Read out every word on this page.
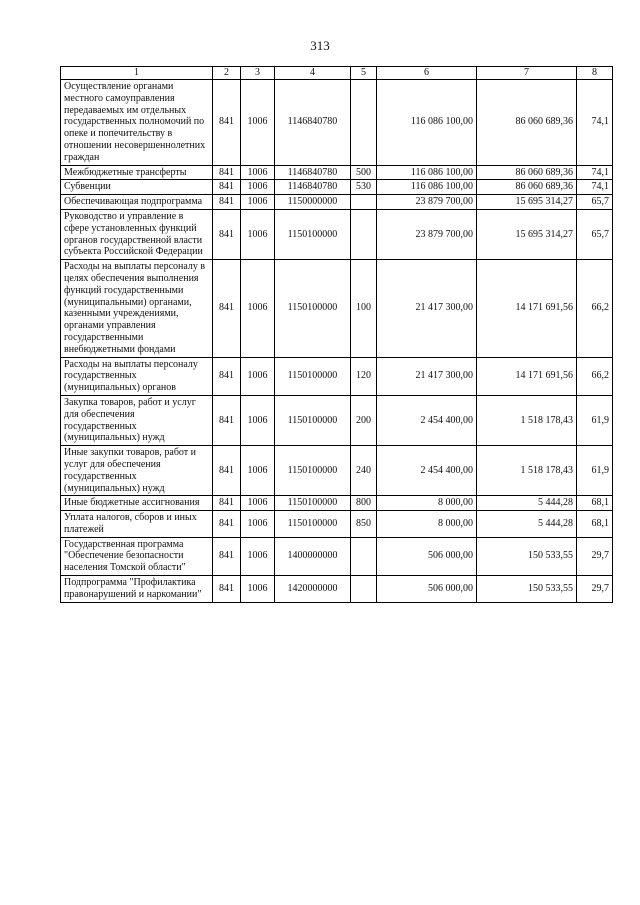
313
1	2	3	4	5	6	7	8
Осуществление органами местного самоуправления передаваемых им отдельных государственных полномочий по опеке и попечительству в отношении несовершеннолетних граждан	841	1006	1146840780		116 086 100,00	86 060 689,36	74,1
Межбюджетные трансферты	841	1006	1146840780	500	116 086 100,00	86 060 689,36	74,1
Субвенции	841	1006	1146840780	530	116 086 100,00	86 060 689,36	74,1
Обеспечивающая подпрограмма	841	1006	1150000000		23 879 700,00	15 695 314,27	65,7
Руководство и управление в сфере установленных функций органов государственной власти субъекта Российской Федерации	841	1006	1150100000		23 879 700,00	15 695 314,27	65,7
Расходы на выплаты персоналу в целях обеспечения выполнения функций государственными (муниципальными) органами, казенными учреждениями, органами управления государственными внебюджетными фондами	841	1006	1150100000	100	21 417 300,00	14 171 691,56	66,2
Расходы на выплаты персоналу государственных (муниципальных) органов	841	1006	1150100000	120	21 417 300,00	14 171 691,56	66,2
Закупка товаров, работ и услуг для обеспечения государственных (муниципальных) нужд	841	1006	1150100000	200	2 454 400,00	1 518 178,43	61,9
Иные закупки товаров, работ и услуг для обеспечения государственных (муниципальных) нужд	841	1006	1150100000	240	2 454 400,00	1 518 178,43	61,9
Иные бюджетные ассигнования	841	1006	1150100000	800	8 000,00	5 444,28	68,1
Уплата налогов, сборов и иных платежей	841	1006	1150100000	850	8 000,00	5 444,28	68,1
Государственная программа "Обеспечение безопасности населения Томской области"	841	1006	1400000000		506 000,00	150 533,55	29,7
Подпрограмма "Профилактика правонарушений и наркомании"	841	1006	1420000000		506 000,00	150 533,55	29,7
